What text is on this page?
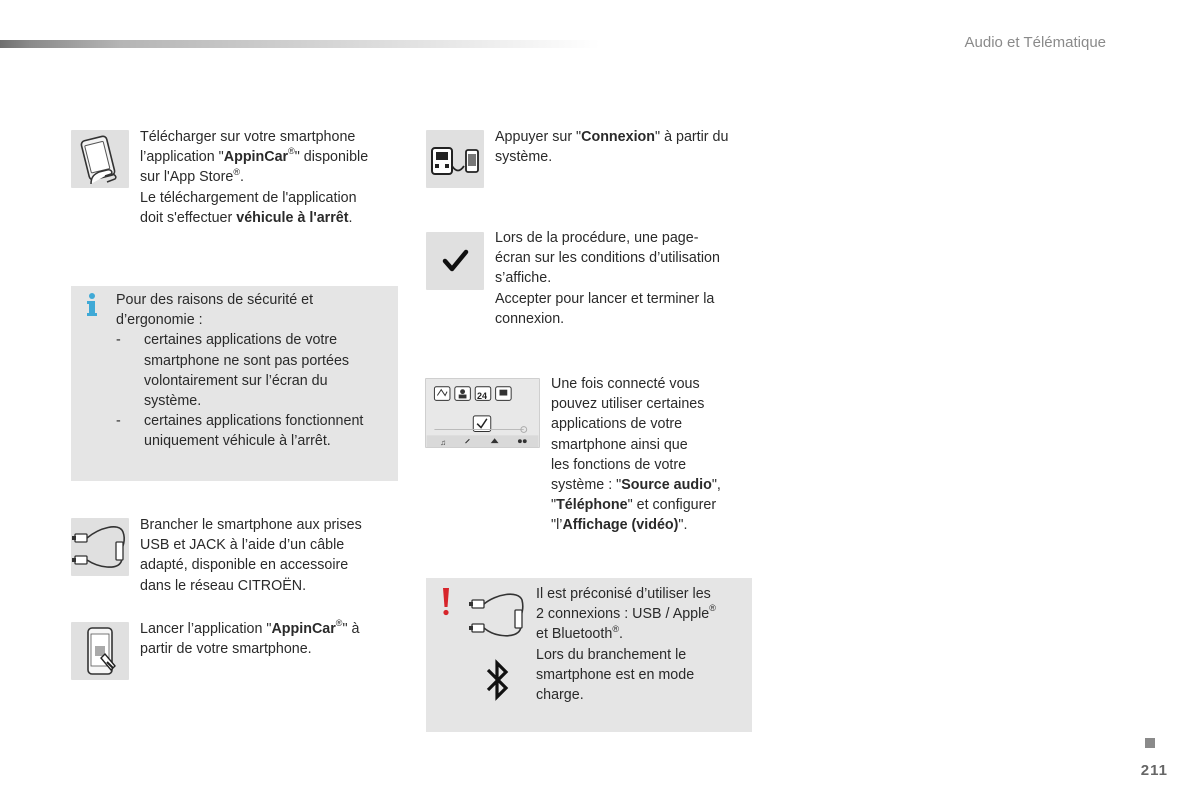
Audio et Télématique

Télécharger sur votre smartphone

l’application "AppinCar®" disponible

sur l'App Store®.

Le téléchargement de l'application

doit s'effectuer véhicule à l'arrêt.

Pour des raisons de sécurité et

d’ergonomie :

-	certaines applications de votre

smartphone ne sont pas portées

volontairement sur l’écran du

système.

-	certaines applications fonctionnent

uniquement véhicule à l’arrêt.

Brancher le smartphone aux prises

USB et JACK à l’aide d’un câble

adapté, disponible en accessoire

dans le réseau CITROËN.

Lancer l’application "AppinCar®" à

partir de votre smartphone.

Appuyer sur "Connexion" à partir du

système.

Lors de la procédure, une page-

écran sur les conditions d’utilisation

s’affiche.

Accepter pour lancer et terminer la

connexion.

♫
24

Une fois connecté vous

pouvez utiliser certaines

applications de votre

smartphone ainsi que

les fonctions de votre

système : "Source audio",

"Téléphone" et configurer

"l’Affichage (vidéo)".

Il est préconisé d’utiliser les

2 connexions : USB / Apple®

et Bluetooth®.

Lors du branchement le

smartphone est en mode

charge.

211
